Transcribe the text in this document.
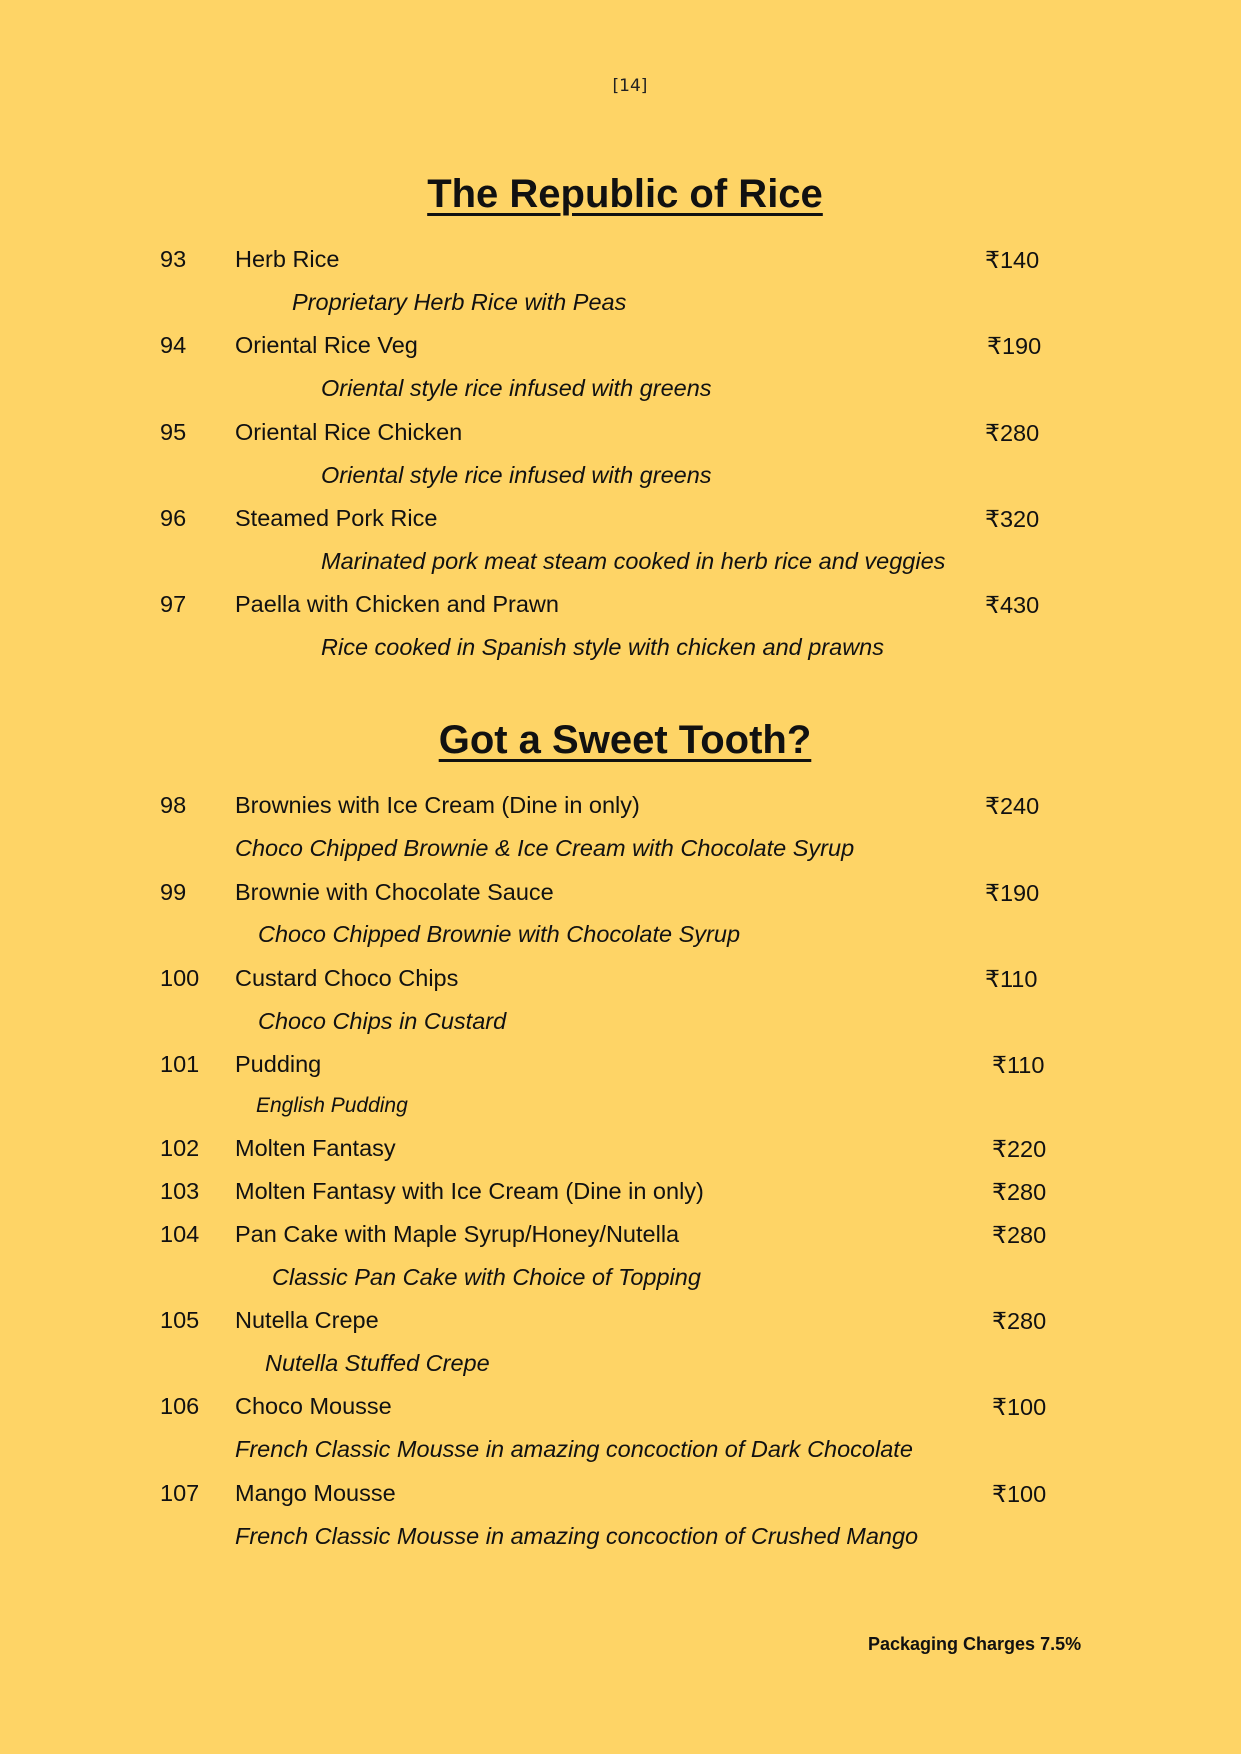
[14]
The Republic of Rice
93 Herb Rice	₹140
Proprietary Herb Rice with Peas
94 Oriental Rice Veg	₹190
Oriental style rice infused with greens
95 Oriental Rice Chicken	₹280
Oriental style rice infused with greens
96 Steamed Pork Rice	₹320
Marinated pork meat steam cooked in herb rice and veggies
97 Paella with Chicken and Prawn	₹430
Rice cooked in Spanish style with chicken and prawns
Got a Sweet Tooth?
98 Brownies with Ice Cream (Dine in only)	₹240
Choco Chipped Brownie & Ice Cream with Chocolate Syrup
99 Brownie with Chocolate Sauce	₹190
Choco Chipped Brownie with Chocolate Syrup
100 Custard Choco Chips	₹110
Choco Chips in Custard
101 Pudding	₹110
English Pudding
102 Molten Fantasy	₹220
103 Molten Fantasy with Ice Cream (Dine in only)	₹280
104 Pan Cake with Maple Syrup/Honey/Nutella	₹280
Classic Pan Cake with Choice of Topping
105 Nutella Crepe	₹280
Nutella Stuffed Crepe
106 Choco Mousse	₹100
French Classic Mousse in amazing concoction of Dark Chocolate
107 Mango Mousse	₹100
French Classic Mousse in amazing concoction of Crushed Mango
Packaging Charges 7.5%
